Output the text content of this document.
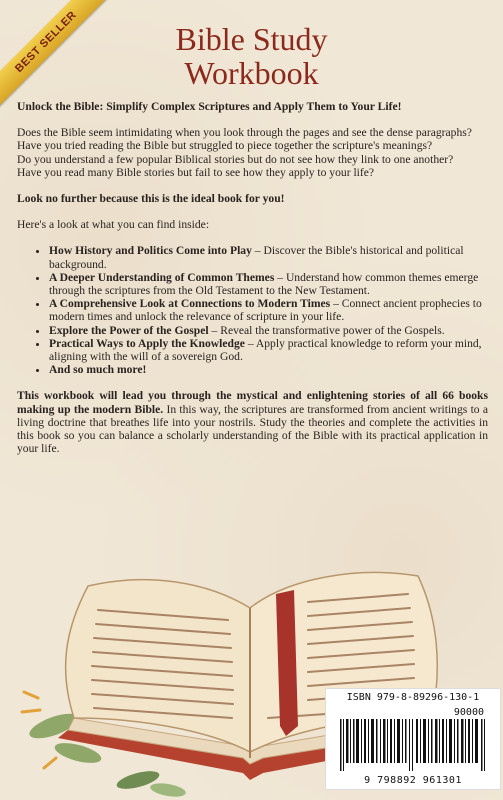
BEST SELLER	Bible Study
Workbook

Unlock the Bible: Simplify Complex Scriptures and Apply Them to Your Life!

Does the Bible seem intimidating when you look through the pages and see the dense paragraphs?

Have you tried reading the Bible but struggled to piece together the scripture's meanings?

Do you understand a few popular Biblical stories but do not see how they link to one another?

Have you read many Bible stories but fail to see how they apply to your life?

Look no further because this is the ideal book for you!

Here's a look at what you can find inside:

• How History and Politics Come into Play – Discover the Bible's historical and political background.
• A Deeper Understanding of Common Themes – Understand how common themes emerge through the scriptures from the Old Testament to the New Testament.
• A Comprehensive Look at Connections to Modern Times – Connect ancient prophecies to modern times and unlock the relevance of scripture in your life.
• Explore the Power of the Gospel – Reveal the transformative power of the Gospels.
• Practical Ways to Apply the Knowledge – Apply practical knowledge to reform your mind, aligning with the will of a sovereign God.
• And so much more!

This workbook will lead you through the mystical and enlightening stories of all 66 books making up the modern Bible. In this way, the scriptures are transformed from ancient writings to a living doctrine that breathes life into your nostrils. Study the theories and complete the activities in this book so you can balance a scholarly understanding of the Bible with its practical application in your life.

ISBN 979-8-89296-130-1
90000
9 798892 961301
